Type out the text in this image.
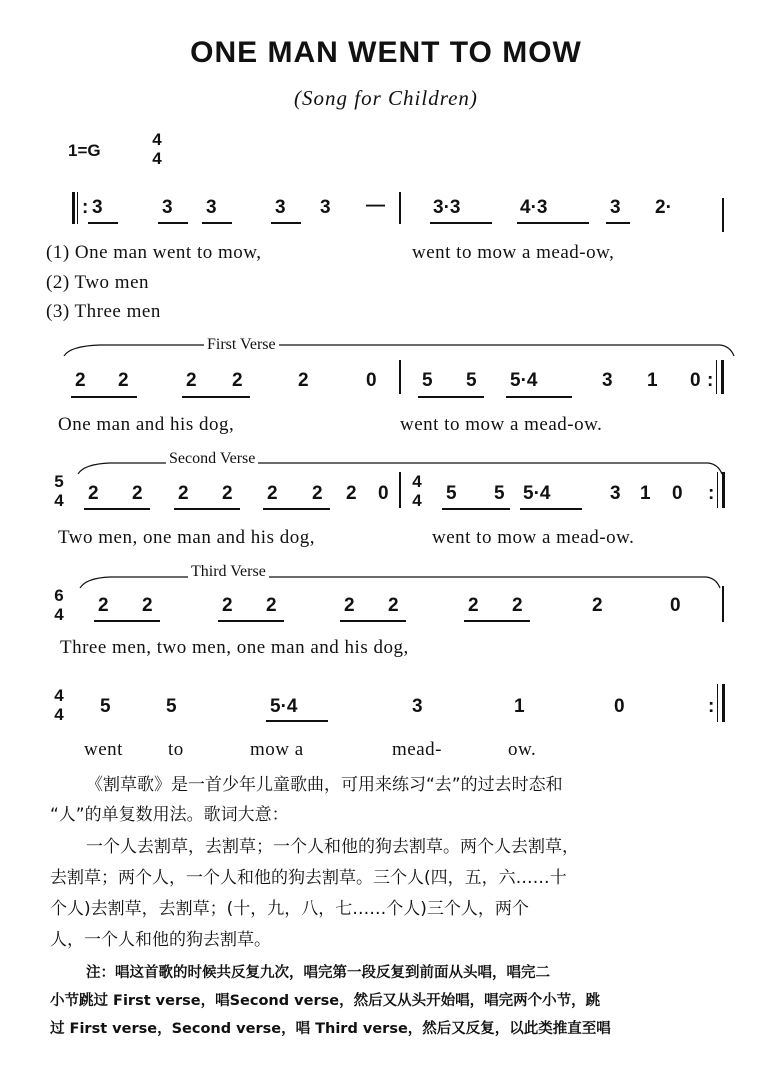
ONE MAN WENT TO MOW
(Song for Children)
1=G
4
4
: 3	3 3	3 3 —	3·3	4·3	3 2·
(1) One man went to mow,	went to mow a mead-ow,
(2) Two men
(3) Three men
First Verse
2 2	2 2	2	0 5 5 5·4	3 1 0 :
One man and his dog,	went to mow a mead-ow.
Second Verse
5
4 2 2 2 2 2 2 2 0
4
4 5 5 5·4	3 1 0 :
Two men, one man and his dog,	went to mow a mead-ow.
Third Verse
6
4 2 2	2 2	2 2	2 2	2	0
Three men, two men, one man and his dog,
4
4 5	5	5·4	3	1	0	:
went to	mow a	mead-	ow.
《割草歌》是一首少年儿童歌曲，可用来练习“去”的过去时态和
“人”的单复数用法。歌词大意：
一个人去割草，去割草；一个人和他的狗去割草。两个人去割草，
去割草；两个人，一个人和他的狗去割草。三个人(四，五，六……十
个人)去割草，去割草；(十，九，八，七……个人)三个人，两个
人，一个人和他的狗去割草。
注：唱这首歌的时候共反复九次，唱完第一段反复到前面从头唱，唱完二
小节跳过 First verse，唱Second verse，然后又从头开始唱，唱完两个小节，跳
过 First verse，Second verse，唱 Third verse，然后又反复，以此类推直至唱
